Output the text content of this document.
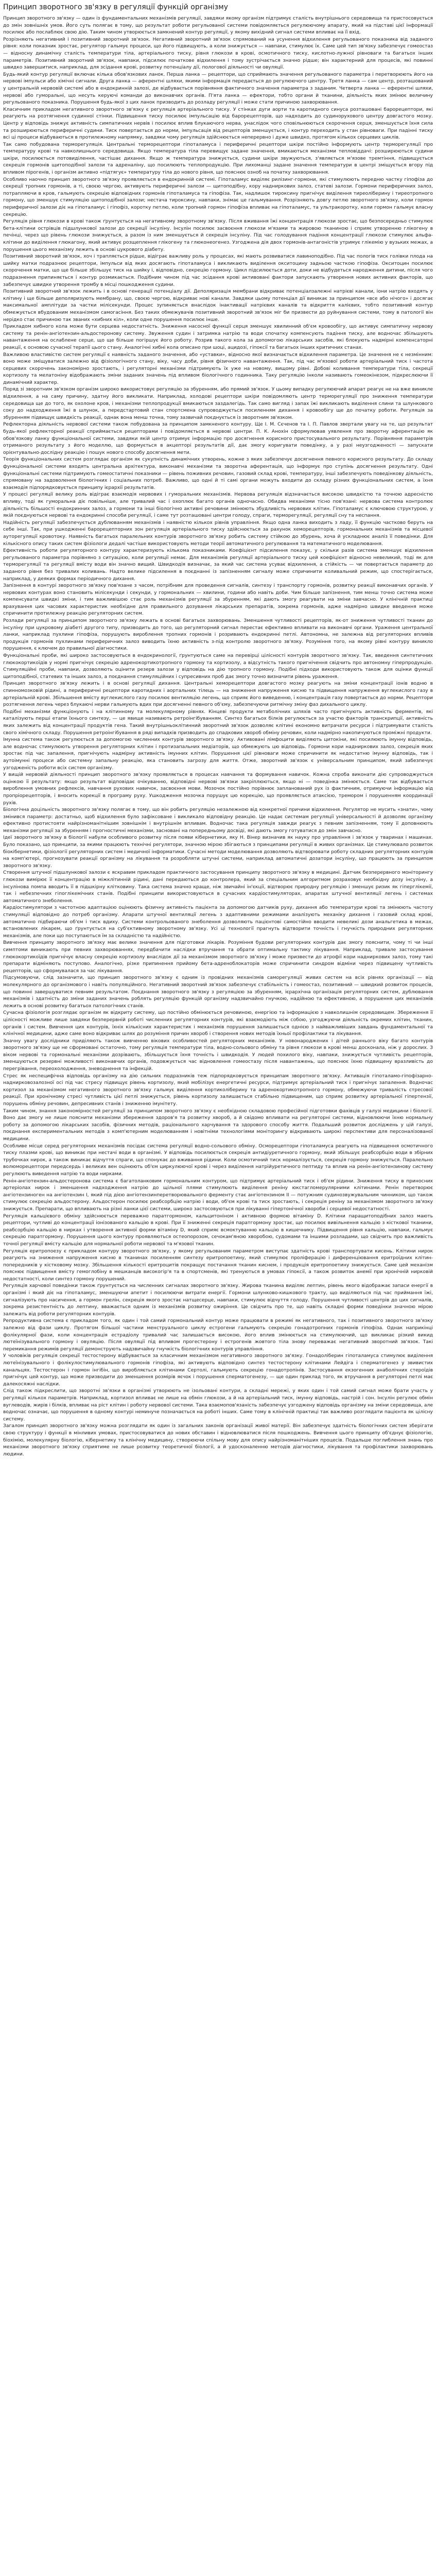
Принцип зворотного зв'язку в регуляції функцій організму

Принцип зворотного зв'язку — один із фундаментальних механізмів регуляції, завдяки якому організм підтримує сталість внутрішнього середовища та пристосовується до змін зовнішніх умов. Його суть полягає в тому, що результат роботи регульованої системи повідомляється регулюючому апарату, який на підставі цієї інформації посилює або послаблює свою дію. Таким чином утворюється замкнений контур регуляції, у якому вихідний сигнал системи впливає на її вхід.

Розрізняють негативний і позитивний зворотний зв'язок. Негативний зворотний зв'язок спрямований на усунення відхилення регульованого показника від заданого рівня: коли показник зростає, регулятор гальмує процеси, що його підвищують, а коли знижується — навпаки, стимулює їх. Саме цей тип зв'язку забезпечує гомеостаз — відносну динамічну сталість температури тіла, артеріального тиску, рівня глюкози в крові, осмотичного тиску, кислотно-лужної рівноваги та багатьох інших параметрів. Позитивний зворотний зв'язок, навпаки, підсилює початкове відхилення і тому зустрічається значно рідше; він характерний для процесів, які повинні швидко завершитися, наприклад, для зсідання крові, розвитку потенціалу дії, пологової діяльності чи овуляції.

Будь-який контур регуляції включає кілька обов'язкових ланок. Перша ланка — рецептори, що сприймають значення регульованого параметра і перетворюють його на нервові імпульси або хімічні сигнали. Друга ланка — аферентні шляхи, якими інформація передається до регулюючого центру. Третя ланка — сам центр, розташований у центральній нервовій системі або в ендокринній залозі, де відбувається порівняння фактичного значення параметра з заданим. Четверта ланка — еферентні шляхи, нервові або гуморальні, що несуть керуючі команди до виконавчих органів. П'ята ланка — ефектори, тобто органи й тканини, діяльність яких змінює величину регульованого показника. Порушення будь-якої з цих ланок призводить до розладу регуляції і може стати причиною захворювання.

Класичним прикладом негативного зворотного зв'язку є регуляція артеріального тиску. У стінках дуги аорти та каротидного синуса розташовані барорецептори, які реагують на розтягнення судинної стінки. Підвищення тиску посилює імпульсацію від барорецепторів, що надходить до судинорухового центру довгастого мозку. Центр у відповідь знижує активність симпатичних нервів і посилює вплив блукаючого нерва, унаслідок чого сповільнюються скорочення серця, зменшується їхня сила та розширюються периферичні судини. Тиск повертається до норми, імпульсація від рецепторів зменшується, і контур переходить у стан рівноваги. При падінні тиску всі ці процеси відбуваються в протилежному напрямку, завдяки чому регуляція здійснюється неперервно і дуже швидко, протягом кількох серцевих циклів.

Так само побудована терморегуляція. Центральні терморецептори гіпоталамуса і периферичні рецептори шкіри постійно інформують центр терморегуляції про температуру крові та навколишнього середовища. Якщо температура тіла перевищує задане значення, вмикаються механізми тепловіддачі: розширюються судини шкіри, посилюється потовиділення, частішає дихання. Якщо ж температура знижується, судини шкіри звужуються, з'являється м'язове тремтіння, підвищується секреція гормонів щитоподібної залози та адреналіну, що посилюють теплопродукцію. При лихоманці задане значення температури в центрі зміщується вгору під впливом пірогенів, і організм активно «підтягує» температуру тіла до нового рівня, що пояснює озноб на початку захворювання.

Особливо наочно принцип зворотного зв'язку проявляється в ендокринній системі. Гіпоталамус виділяє рилізинг-гормони, які стимулюють передню частку гіпофіза до секреції тропних гормонів, а ті, своєю чергою, активують периферичні залози — щитоподібну, кору надниркових залоз, статеві залози. Гормони периферичних залоз, потрапляючи в кров, гальмують секрецію відповідних гормонів гіпоталамуса та гіпофіза. Так, надлишок тироксину пригнічує виділення тиреоліберину і тиреотропного гормону, що зменшує стимуляцію щитоподібної залози; нестача тироксину, навпаки, знімає це гальмування. Розрізняють довгу петлю зворотного зв'язку, коли гормон периферичної залози діє на гіпоталамус і гіпофіз, коротку петлю, коли тропний гормон гіпофіза впливає на гіпоталамус, та ультракоротку, коли гормон гальмує власну секрецію.

Регуляція рівня глюкози в крові також ґрунтується на негативному зворотному зв'язку. Після вживання їжі концентрація глюкози зростає, що безпосередньо стимулює бета-клітини острівців підшлункової залози до секреції інсуліну. Інсулін посилює засвоєння глюкози м'язами та жировою тканиною і сприяє утворенню глікогену в печінці, через що рівень глюкози знижується, а разом із ним зменшується й секреція інсуліну. Під час голодування падіння концентрації глюкози стимулює альфа-клітини до виділення глюкагону, який активує розщеплення глікогену та глюконеогенез. Узгоджена дія двох гормонів-антагоністів утримує глікемію у вузьких межах, а порушення цього механізму лежить в основі цукрового діабету.

Позитивний зворотний зв'язок, хоч і трапляється рідше, відіграє важливу роль у процесах, які мають розвиватися лавиноподібно. Під час пологів тиск голівки плода на шийку матки подразнює рецептори, імпульси від яких досягають гіпоталамуса і викликають виділення окситоцину задньою часткою гіпофіза. Окситоцин посилює скорочення матки, що ще більше збільшує тиск на шийку і, відповідно, секрецію гормону. Цикл підсилюється доти, доки не відбудеться народження дитини, після чого подразнення припиняється і контур розмикається. Подібним чином під час зсідання крові активовані фактори запускають утворення нових активних факторів, що забезпечує швидке утворення тромбу в місці пошкодження судини.

Позитивний зворотний зв'язок лежить і в основі генерації потенціалу дії. Деполяризація мембрани відкриває потенціалзалежні натрієві канали, іони натрію входять у клітину і ще більше деполяризують мембрану, що, своєю чергою, відкриває нові канали. Завдяки цьому потенціал дії виникає за принципом «все або нічого» і досягає максимальної амплітуди за частки мілісекунди. Процес зупиняється внаслідок інактивації натрієвих каналів та відкриття калієвих, тобто позитивний контур обмежується вбудованим механізмом самогасіння. Без таких обмежувачів позитивний зворотний зв'язок міг би призвести до руйнування системи, тому в патології він нерідко стає причиною так званих «хибних кіл», коли одне порушення посилює інше.

Прикладом хибного кола може бути серцева недостатність. Зниження насосної функції серця зменшує хвилинний об'єм кровообігу, що активує симпатичну нервову систему та ренін-ангіотензин-альдостеронову систему. Звуження судин і затримка натрію та води спочатку компенсують падіння тиску, але водночас збільшують навантаження на ослаблене серце, що ще більше погіршує його роботу. Розрив такого кола за допомогою лікарських засобів, які блокують надмірні компенсаторні реакції, є основою сучасної терапії цього стану. Аналогічні хибні кола описано при шоці, ацидозі, гіпоксії та багатьох інших критичних станах.

Важливою властивістю систем регуляції є наявність заданого значення, або «уставки», відносно якої визначається відхилення параметра. Це значення не є незмінним: воно може зміщуватися залежно від фізіологічного стану, віку, часу доби, рівня фізичного навантаження. Так, під час м'язової роботи артеріальний тиск і частота серцевих скорочень закономірно зростають, і регуляторні механізми підтримують їх уже на новому, вищому рівні. Добові коливання температури тіла, секреції кортизолу та мелатоніну відображають зміни заданих значень під впливом біологічного годинника. Таку регуляцію інколи називають гомеокінезом, підкреслюючи її динамічний характер.

Поряд зі зворотним зв'язком організм широко використовує регуляцію за збуренням, або прямий зв'язок. У цьому випадку регулюючий апарат реагує не на вже виникле відхилення, а на саму причину, здатну його викликати. Наприклад, холодові рецептори шкіри повідомляють центр терморегуляції про зниження температури середовища ще до того, як охолоне кров, і механізми теплопродукції вмикаються заздалегідь. Так само вигляд і запах їжі викликають виділення слини та шлункового соку до надходження їжі в шлунок, а передстартовий стан спортсмена супроводжується посиленням дихання і кровообігу ще до початку роботи. Регуляція за збуренням підвищує швидкість реакції, однак вона менш точна, тому зазвичай поєднується із зворотним зв'язком.

Рефлекторна діяльність нервової системи також побудована за принципом замкненого контуру. Ще І. М. Сєченов та І. П. Павлов звертали увагу на те, що результат будь-якої рефлекторної реакції сприймається рецепторами і повідомляється в нервові центри. П. К. Анохін сформулював уявлення про зворотну аферентацію як обов'язкову ланку функціональної системи, завдяки якій центр отримує інформацію про досягнення корисного пристосувального результату. Порівняння параметрів отриманого результату з його моделлю, що формується в акцепторі результатів дії, дає змогу коригувати поведінку, а у разі неузгодженості — запускати орієнтувально-дослідну реакцію і пошук нового способу досягнення мети.

Теорія функціональних систем розглядає організм як сукупність динамічних утворень, кожне з яких забезпечує досягнення певного корисного результату. До складу функціональної системи входять центральна архітектура, виконавчі механізми та зворотна аферентація, що інформує про ступінь досягнення результату. Одні функціональні системи підтримують гомеостатичні показники — рівень поживних речовин, газовий склад крові, температуру, інші забезпечують поведінкову діяльність, спрямовану на задоволення біологічних і соціальних потреб. Важливо, що одні й ті самі органи можуть входити до складу різних функціональних систем, а їхня взаємодія підпорядковується принципу ієрархії результатів.

У процесі регуляції велику роль відіграє взаємодія нервових і гуморальних механізмів. Нервова регуляція відзначається високою швидкістю та точною адресністю впливу, тоді як гуморальна діє повільніше, але тривалий час і охоплює багато органів одночасно. Обидва механізми тісно пов'язані: нервова система контролює діяльність більшості ендокринних залоз, а гормони та інші біологічно активні речовини змінюють збудливість нервових клітин. Гіпоталамус є ключовою структурою, у якій поєднуються нервові та ендокринні способи регуляції, і саме тут розташовані центри голоду, спраги, терморегуляції, регуляції сну та неспання.

Надійність регуляції забезпечується дублюванням механізмів і наявністю кількох рівнів управління. Якщо одна ланка виходить з ладу, її функцію частково беруть на себе інші. Так, при ушкодженні барорецепторних зон регуляція артеріального тиску здійснюється за рахунок хеморецепторів, гормональних механізмів та місцевої ауторегуляції кровотоку. Наявність багатьох паралельних контурів зворотного зв'язку робить систему стійкою до збурень, хоча й ускладнює аналіз її поведінки. Для кількісного опису таких систем фізіологи дедалі частіше використовують методи теорії автоматичного регулювання та математичного моделювання.

Ефективність роботи регуляторного контуру характеризують кількома показниками. Коефіцієнт підсилення показує, у скільки разів система зменшує відхилення регульованого параметра порівняно з ситуацією, коли регуляції немає. Для механізмів регуляції артеріального тиску цей коефіцієнт відносно невеликий, тоді як для терморегуляції та регуляції вмісту води він значно вищий. Швидкодія визначає, за який час система усуває відхилення, а стійкість — чи повертається параметр до заданого рівня без тривалих коливань. Надто велике підсилення в поєднанні із запізненням сигналу може спричинити коливальний режим, що спостерігається, наприклад, у деяких формах періодичного дихання.

Запізнення в контурі зворотного зв'язку пов'язане з часом, потрібним для проведення сигналів, синтезу і транспорту гормонів, розвитку реакції виконавчих органів. У нервових контурах воно становить мілісекунди і секунди, у гормональних — хвилини, години або навіть доби. Чим більше запізнення, тим менш точно система може компенсувати швидкі зміни, і тим важливішою стає роль механізмів регуляції за збуренням, які дають змогу реагувати на зміни завчасно. У клінічній практиці врахування цих часових характеристик необхідне для правильного дозування лікарських препаратів, зокрема гормонів, адже надмірно швидке введення може спричинити протилежну реакцію регуляторних систем.

Розлади регуляції за принципом зворотного зв'язку лежать в основі багатьох захворювань. Зменшення чутливості рецепторів, як-от зниження чутливості тканин до інсуліну при цукровому діабеті другого типу, призводить до того, що регуляторний сигнал перестає ефективно впливати на виконавчі органи. Ураження центральної ланки, наприклад пухлини гіпофіза, порушують вироблення тропних гормонів і розривають ендокринні петлі. Автономна, не залежна від регуляторних впливів продукція гормонів пухлинами периферичних залоз виводить їхню активність з-під контролю зворотного зв'язку. Розуміння того, на якому рівні контуру виникло порушення, є ключем до правильної діагностики.

Функціональні проби, які широко застосовуються в ендокринології, ґрунтуються саме на перевірці цілісності контурів зворотного зв'язку. Так, введення синтетичних глюкокортикоїдів у нормі пригнічує секрецію адренокортикотропного гормону та кортизолу, а відсутність такого пригнічення свідчить про автономну гіперпродукцію. Стимуляційні проби, навпаки, дозволяють оцінити резерв залози у відповідь на дію тропного гормону. Подібні підходи використовують також для оцінки функції щитоподібної, статевих та інших залоз, а поєднання стимуляційних і супресивних проб дає змогу точно визначити рівень ураження.

Принцип зворотного зв'язку лежить і в основі регуляції дихання. Центральні хеморецептори довгастого мозку реагують на зміни концентрації іонів водню в спинномозковій рідині, а периферичні рецептори каротидних і аортальних тілець — на зниження напруження кисню та підвищення напруження вуглекислого газу в артеріальній крові. Збільшення вмісту вуглекислого газу посилює вентиляцію легень, що сприяє його виведенню, і концентрація газу повертається до норми. Рецептори розтягнення легень через блукаючі нерви гальмують вдих при досягненні певного об'єму, забезпечуючи ритмічну зміну фаз дихального циклу.

Подібні механізми функціонують і на клітинному та молекулярному рівнях. Кінцеві продукти метаболічних шляхів часто пригнічують активність ферментів, які каталізують перші етапи їхнього синтезу, — це явище називають ретроінгібуванням. Синтез багатьох білків регулюється за участю факторів транскрипції, активність яких залежить від концентрації продуктів гена. Такий внутрішньоклітинний зворотний зв'язок дозволяє клітині економно витрачати ресурси і підтримувати сталість свого хімічного складу. Порушення ретроінгібування в ряді випадків призводить до спадкових хвороб обміну речовин, коли надмірно накопичуються проміжні продукти.

Імунна система також регулюється за допомогою численних контурів зворотного зв'язку. Активовані лімфоцити виділяють цитокіни, які посилюють імунну відповідь, але водночас стимулюють утворення регуляторних клітин і протизапальних медіаторів, що обмежують цю відповідь. Гормони кори надниркових залоз, секреція яких зростає під час запалення, пригнічують надмірну активність імунних клітин. Порушення цієї рівноваги може спричинити як недостатню імунну відповідь, так і аутоімунні процеси або системну запальну реакцію, яка становить загрозу для життя. Отже, зворотний зв'язок є універсальним принципом, який забезпечує узгодженість роботи всіх систем організму.

У вищій нервовій діяльності принцип зворотного зв'язку проявляється в процесах навчання та формування навичок. Кожна спроба виконати дію супроводжується оцінкою її результату: якщо результат відповідає очікуванню, відповідні нервові зв'язки закріплюються, якщо ні — поведінка змінюється. Саме так відбувається вироблення умовних рефлексів, навчання рухових навичок, засвоєння мови. Мозочок постійно порівнює запланований рух із фактичним, отримуючи інформацію від пропріорецепторів, і вносить корекції в програму руху. Ушкодження мозочка порушує цю корекцію, що проявляється атаксією, тремором і порушенням координації рухів.

Біологічна доцільність зворотного зв'язку полягає в тому, що він робить регуляцію незалежною від конкретної причини відхилення. Регулятор не мусить «знати», чому змінився параметр: достатньо, щоб відхилення було зафіксоване і викликало відповідну реакцію. Це надає системам регуляції універсальності й дозволяє організму ефективно протистояти найрізноманітнішим зовнішнім і внутрішнім впливам. Водночас така регуляція завжди реагує з певним запізненням, тому її доповнюють механізми регуляції за збуренням і прогностичні механізми, засновані на попередньому досвіді, які дають змогу готуватися до змін завчасно.

Ідеї зворотного зв'язку в біології набули особливого розвитку після появи кібернетики, яку Н. Вінер визначив як науку про управління і зв'язок у тваринах і машинах. Було показано, що принципи, за якими працюють технічні регулятори, значною мірою збігаються з принципами регуляції в живих організмах. Це стимулювало розвиток біокібернетики, фізіології регуляторних систем і медичної інформатики. Сучасні методи моделювання дозволяють відтворювати роботу складних регуляторних контурів на комп'ютері, прогнозувати реакції організму на лікування та розробляти штучні системи, наприклад автоматичні дозатори інсуліну, що працюють за принципом зворотного зв'язку.

Створення штучної підшлункової залози є яскравим прикладом практичного застосування принципу зворотного зв'язку в медицині. Датчик безперервного моніторингу глюкози вимірює її концентрацію в міжклітинній рідині, дані передаються до контролера, який за спеціальним алгоритмом розраховує необхідну дозу інсуліну, а інсулінова помпа вводить її в підшкірну клітковину. Така система значно краще, ніж звичайні ін'єкції, відтворює природну регуляцію і зменшує ризик як гіперглікемії, так і небезпечних гіпоглікемічних станів. Подібні принципи використовуються в сучасних кардіостимуляторах, апаратах штучної вентиляції легень і системах автоматичного знеболення.

Кардіостимулятори з частотною адаптацією оцінюють фізичну активність пацієнта за допомогою датчиків руху, дихання або температури крові та змінюють частоту стимуляції відповідно до потреб організму. Апарати штучної вентиляції легень з адаптивними режимами аналізують механіку дихання і газовий склад крові, автоматично підбираючи об'єм і тиск вдиху. Системи контрольованого знеболення дозволяють пацієнтові самостійно вводити невеликі дози анальгетика в межах, встановлених лікарем, що ґрунтується на суб'єктивному зворотному зв'язку. Усі ці технології прагнуть відтворити точність і гнучкість природних регуляторних механізмів, але поки що поступаються їм за складністю та надійністю.

Вивчення принципу зворотного зв'язку має велике значення для підготовки лікарів. Розуміння будови регуляторних контурів дає змогу пояснити, чому ті чи інші симптоми виникають при певних захворюваннях, передбачити наслідки втручання та обрати оптимальну тактику лікування. Наприклад, тривале застосування глюкокортикоїдів пригнічує власну секрецію кортизолу внаслідок дії за механізмом зворотного зв'язку і може призвести до атрофії кори надниркових залоз, тому такі препарати відміняють поступово. Аналогічно, різке припинення прийому бета-адреноблокаторів може спричинити синдром відміни через підвищену чутливість рецепторів, що сформувалася за час лікування.

Підсумовуючи, слід зазначити, що принцип зворотного зв'язку є одним із провідних механізмів саморегуляції живих систем на всіх рівнях організації — від молекулярного до організмового і навіть популяційного. Негативний зворотний зв'язок забезпечує стабільність і гомеостаз, позитивний — швидкий розвиток процесів, що повинні завершуватися певним результатом. Поєднання зворотного зв'язку з регуляцією за збуренням, ієрархічна організація регуляторних систем, дублювання механізмів і здатність до зміни заданих значень роблять регуляцію функцій організму надзвичайно гнучкою, надійною та ефективною, а порушення цих механізмів лежить в основі розвитку багатьох патологічних станів.

Сучасна фізіологія розглядає організм як відкриту систему, що постійно обмінюється речовиною, енергією та інформацією з навколишнім середовищем. Збереження її цілісності можливе лише завдяки безперервній роботі численних регуляторних контурів, які взаємодіють між собою, узгоджуючи діяльність окремих клітин, тканин, органів і систем. Вивчення цих контурів, їхніх кількісних характеристик і механізмів порушення залишається однією з найважливіших завдань фундаментальної та клінічної медицини, адже саме воно відкриває шлях до розуміння причин хвороб і створення нових методів їхньої профілактики та лікування.

Значну увагу дослідники приділяють також вивченню вікових особливостей регуляторних механізмів. У новонароджених і дітей раннього віку багато контурів зворотного зв'язку ще не сформовані остаточно, тому регуляція температури тіла, водно-сольового обміну та рівня глюкози в крові менш досконала, ніж у дорослих. З віком нервові та гормональні механізми дозрівають, збільшується їхня точність і швидкодія. У людей похилого віку, навпаки, знижується чутливість рецепторів, зменшуються резервні можливості виконавчих органів, подовжується час відновлення гомеостазу після навантажень, що пояснює їхню підвищену вразливість до перегрівання, переохолодження, зневоднення та інфекцій.

Стрес як неспецифічна відповідь організму на дію сильних подразників теж підпорядковується принципам зворотного зв'язку. Активація гіпоталамо-гіпофізарно-наднирковозалозної осі під час стресу підвищує рівень кортизолу, який мобілізує енергетичні ресурси, підтримує артеріальний тиск і пригнічує запалення. Водночас кортизол за механізмом негативного зворотного зв'язку гальмує виділення кортиколіберину та адренокортикотропного гормону, обмежуючи тривалість стресової реакції. При хронічному стресі чутливість цієї петлі знижується, рівень кортизолу залишається стабільно підвищеним, що сприяє розвитку артеріальної гіпертензії, порушень обміну речовин, депресивних станів і зниженню імунітету.

Таким чином, знання закономірностей регуляції за принципом зворотного зв'язку є необхідною складовою професійної підготовки фахівців у галузі медицини і біології. Воно дає змогу не лише пояснити механізми збереження здоров'я та розвитку хвороб, а й свідомо впливати на регуляторні системи, відновлюючи їхню нормальну роботу за допомогою лікарських засобів, фізичних методів, раціонального харчування та здорового способу життя. Подальший розвиток досліджень у цій галузі, поєднання експериментальних методів з комп'ютерним моделюванням і новітніми технологіями моніторингу відкривають широкі перспективи для персоналізованої медицини.

Особливе місце серед регуляторних механізмів посідає система регуляції водно-сольового обміну. Осморецептори гіпоталамуса реагують на підвищення осмотичного тиску плазми крові, що виникає при нестачі води в організмі. У відповідь посилюється секреція антидіуретичного гормону, який збільшує реабсорбцію води в збірних трубочках нирок, а також виникає відчуття спраги, що спонукає до вживання рідини. Коли осмотичний тиск нормалізується, секреція гормону знижується. Паралельно волюморецептори передсердь і великих вен оцінюють об'єм циркулюючої крові і через виділення натрійуретичного пептиду та вплив на ренін-ангіотензинову систему регулюють виведення натрію та води нирками.

Ренін-ангіотензин-альдостеронова система є багатоланковим гормональним контуром, що підтримує артеріальний тиск і об'єм рідини. Зниження тиску в приносних артеріолах нирок і зменшення надходження натрію до щільної плями стимулюють виділення реніну юкстагломерулярними клітинами. Ренін перетворює ангіотензиноген на ангіотензин I, який під дією ангіотензинперетворювального ферменту стає ангіотензином II — потужним судинозвужувальним чинником, що також стимулює секрецію альдостерону. Альдостерон посилює реабсорбцію натрію і води, об'єм крові та тиск зростають, і секреція реніну за механізмом зворотного зв'язку знижується. Препарати, що впливають на різні ланки цієї системи, широко застосовуються при лікуванні гіпертонічної хвороби і серцевої недостатності.

Регуляція кальцієвого обміну здійснюється переважно паратгормоном, кальцитоніном і активною формою вітаміну D. Клітини паращитоподібних залоз мають рецептори, чутливі до концентрації іонізованого кальцію в крові. При її зниженні секреція паратгормону зростає, що посилює вивільнення кальцію з кісткової тканини, реабсорбцію кальцію в нирках і утворення активної форми вітаміну D, який сприяє всмоктуванню кальцію в кишечнику. Підвищення рівня кальцію, навпаки, гальмує секрецію паратгормону. Порушення цього контуру проявляються остеопорозом, сечокам'яною хворобою, судомами та іншими розладами, що свідчить про важливість точної регуляції вмісту кальцію для нормальної роботи нервової та м'язової тканин.

Регуляція еритропоезу є прикладом контуру зворотного зв'язку, у якому регульованим параметром виступає здатність крові транспортувати кисень. Клітини нирок реагують на зниження напруження кисню в тканинах посиленням синтезу еритропоетину, який стимулює проліферацію і диференціювання еритроїдних клітин-попередників у кістковому мозку. Збільшення кількості еритроцитів покращує постачання тканин киснем, і продукція еритропоетину знижується. Саме цей механізм пояснює підвищення вмісту гемоглобіну в мешканців високогір'я та в спортсменів, які тренуються в умовах гіпоксії, а також розвиток анемії при хронічній нирковій недостатності, коли синтез гормону порушений.

Регуляція харчової поведінки також ґрунтується на численних сигналах зворотного зв'язку. Жирова тканина виділяє лептин, рівень якого відображає запаси енергії в організмі і який діє на гіпоталамус, зменшуючи апетит і посилюючи витрати енергії. Гормони шлунково-кишкового тракту, що виділяються під час приймання їжі, сигналізують про насичення, а гормон грелін, секреція якого зростає натщесерце, навпаки, стимулює відчуття голоду. Порушення чутливості центрів до цих сигналів, зокрема резистентність до лептину, вважається одним із механізмів розвитку ожиріння. Це свідчить про те, що навіть складні форми поведінки значною мірою залежать від роботи регуляторних контурів.

Репродуктивна система є прикладом того, як один і той самий гормональний контур може працювати в режимі як негативного, так і позитивного зворотного зв'язку залежно від фази циклу. Протягом більшої частини менструального циклу естрогени гальмують секрецію гонадотропних гормонів гіпофіза. Однак наприкінці фолікулярної фази, коли концентрація естрадіолу тривалий час залишається високою, його вплив змінюється на стимулюючий, що викликає різкий викид лютеїнізувального гормону і овуляцію. Після овуляції під впливом прогестерону і естрогенів жовтого тіла знову переважає негативний зворотний зв'язок. Такі перемикання режимів регуляції демонструють надзвичайну гнучкість біологічних контурів управління.

У чоловіків регуляція секреції тестостерону відбувається за класичним механізмом негативного зворотного зв'язку. Гонадоліберин гіпоталамуса стимулює виділення лютеїнізувального і фолікулостимулювального гормонів гіпофіза, які активують відповідно синтез тестостерону клітинами Лейдіга і сперматогенез у звивистих канальцях. Тестостерон і гормон інгібін, що виробляється клітинами Сертолі, гальмують секрецію гонадотропінів. Застосування екзогенних анаболічних стероїдів пригнічує цей контур, що може призводити до зменшення розмірів яєчок і порушення сперматогенезу, — ще один приклад того, як втручання в регуляторні петлі має далекосяжні наслідки.

Слід також підкреслити, що зворотні зв'язки в організмі утворюють не ізольовані контури, а складні мережі, у яких один і той самий сигнал може брати участь у регуляції кількох параметрів. Наприклад, кортизол впливає не лише на обмін глюкози, а й на артеріальний тиск, імунну відповідь, настрій і сон. Інсулін регулює обмін вуглеводів, жирів і білків, впливає на ріст клітин і роботу нервової системи. Така взаємопов'язаність забезпечує узгоджену відповідь організму на зміни середовища, але водночас означає, що порушення в одному контурі неминуче позначається на роботі інших. Саме тому в клінічній практиці так важливо розглядати пацієнта як цілісну систему.

Загалом принцип зворотного зв'язку можна розглядати як один із загальних законів організації живої матерії. Він забезпечує здатність біологічних систем зберігати свою структуру і функції в мінливих умовах, пристосовуватися до нових обставин і відновлюватися після пошкоджень. Вивчення цього принципу об'єднує фізіологію, біохімію, молекулярну біологію, кібернетику та клінічну медицину, створюючи спільну мову для опису найрізноманітніших процесів. Подальше поглиблення знань про механізми зворотного зв'язку сприятиме не лише розвитку теоретичної біології, а й удосконаленню методів діагностики, лікування та профілактики захворювань людини.
